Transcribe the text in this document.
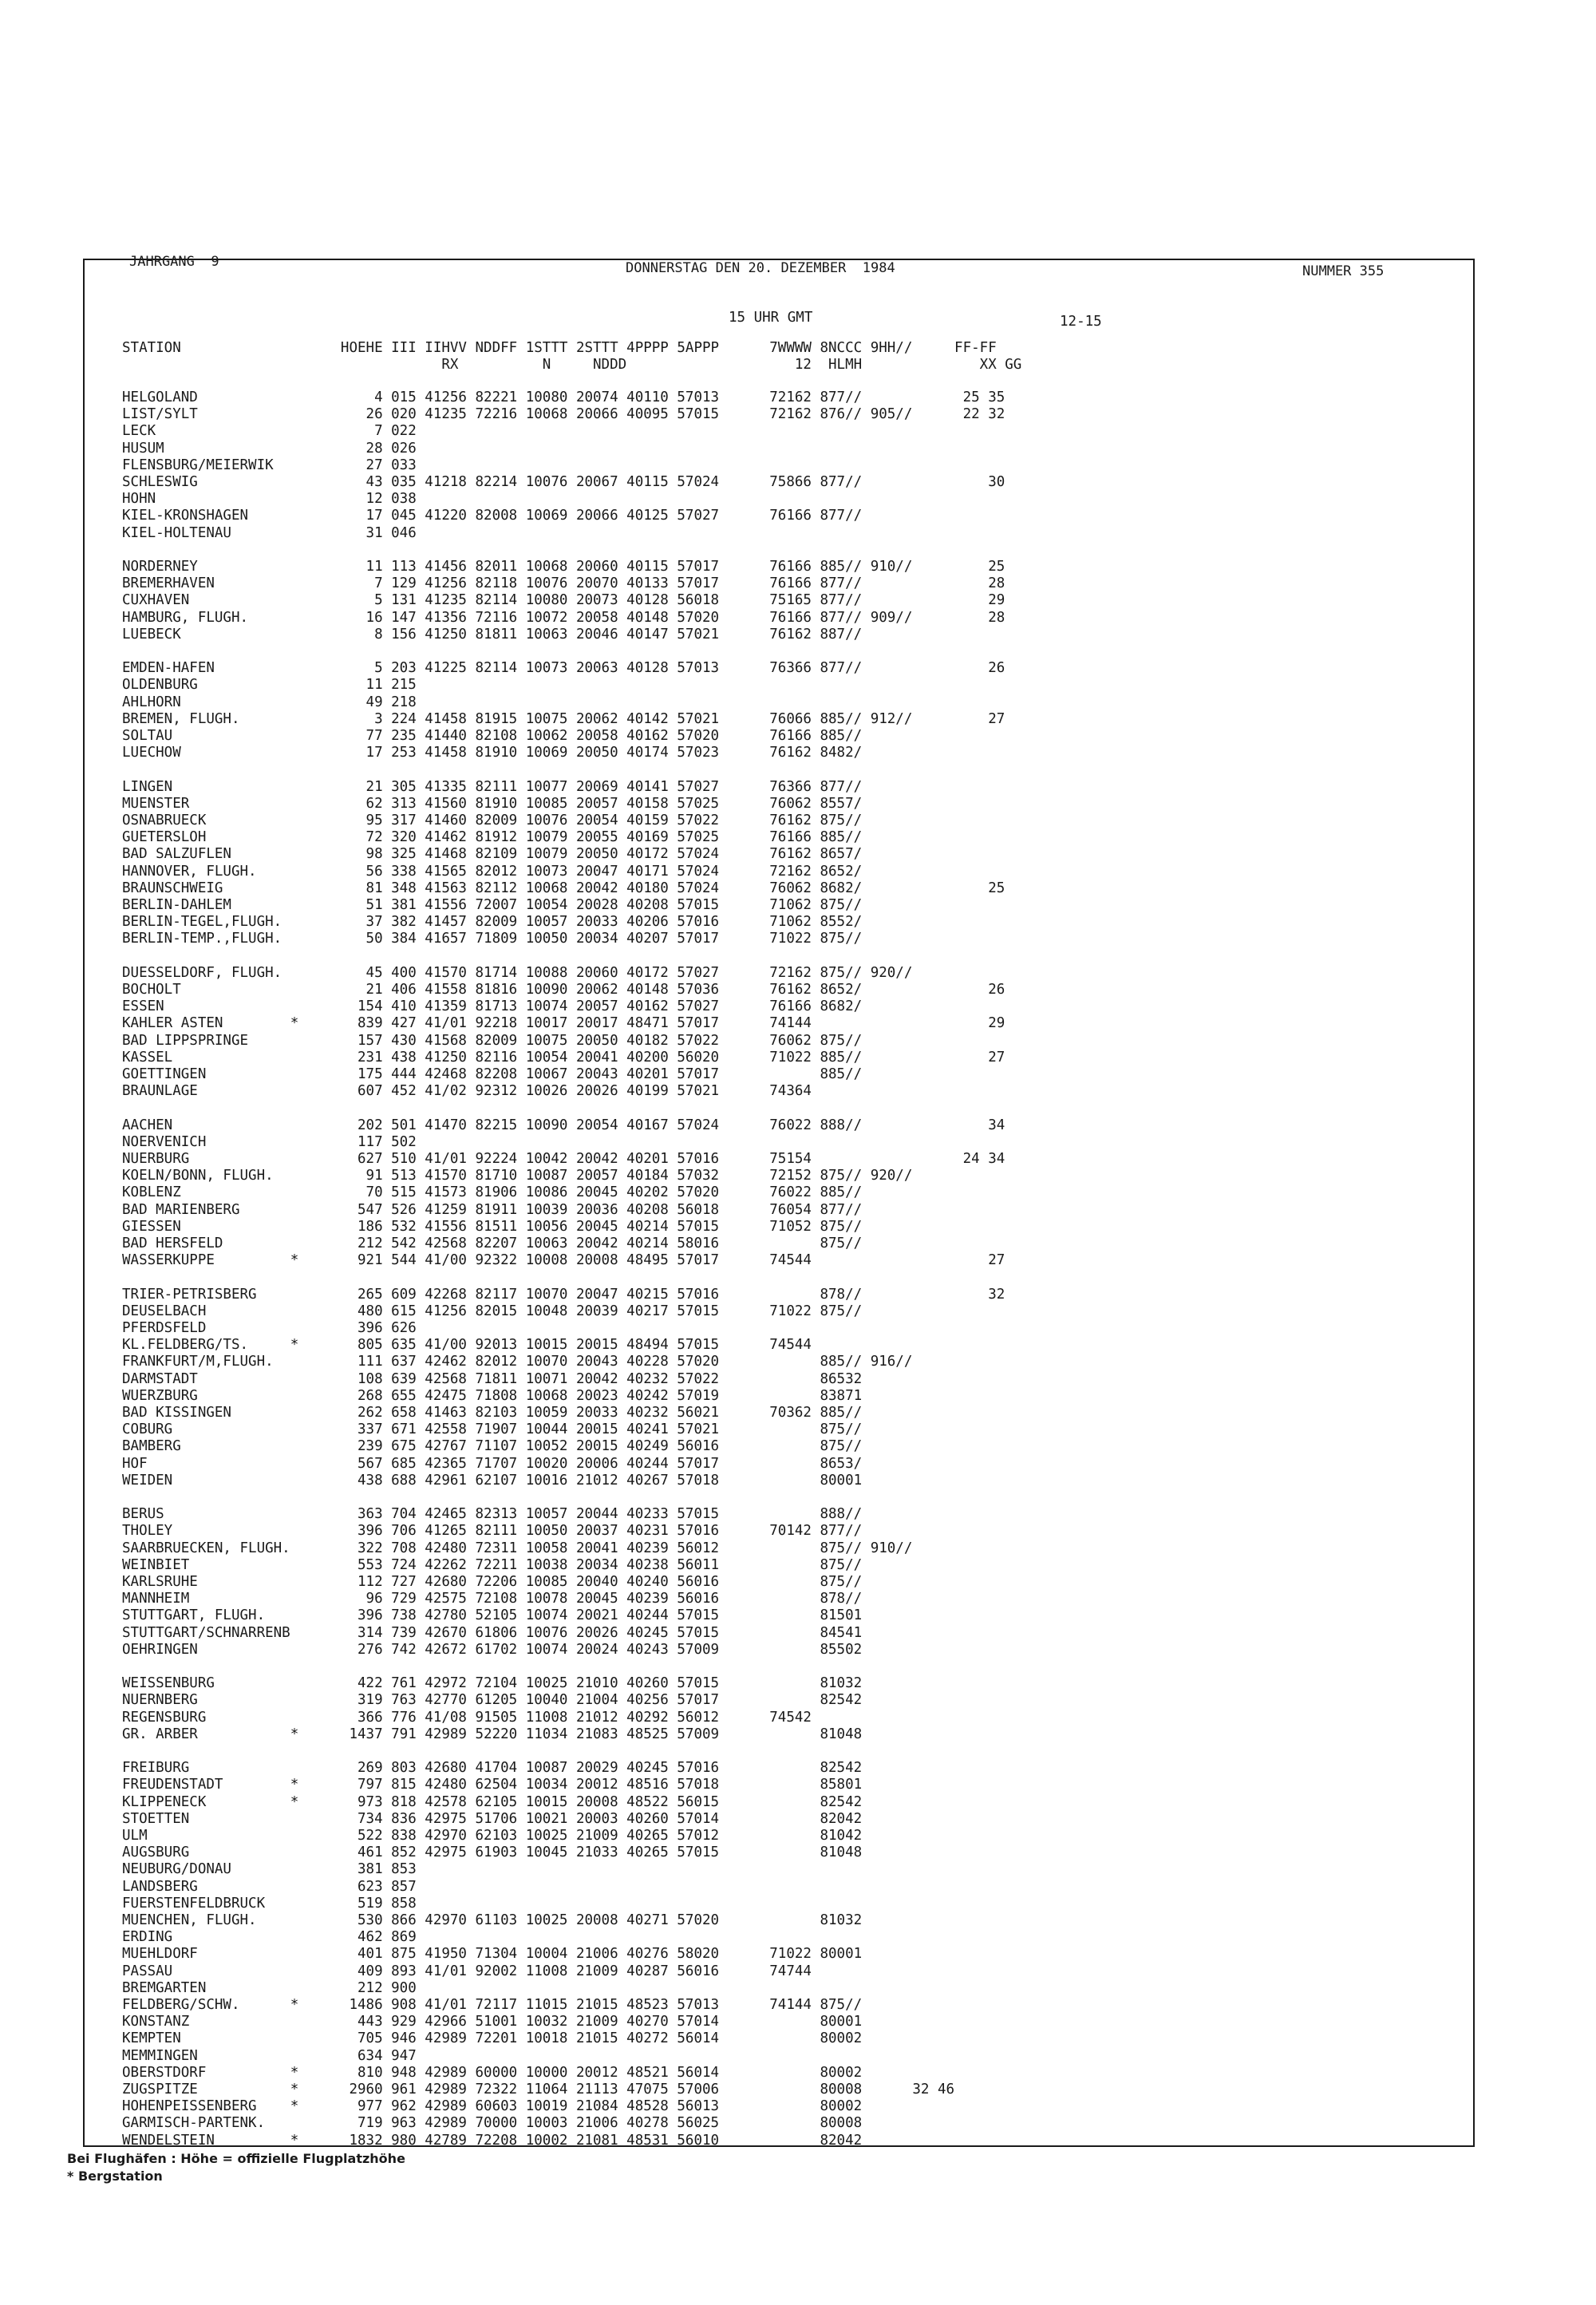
JAHRGANG  9	DONNERSTAG DEN 20. DEZEMBER  1984	NUMMER 355
15 UHR GMT	12-15
STATION                   HOEHE III IIHVV NDDFF 1STTT 2STTT 4PPPP 5APPP      7WWWW 8NCCC 9HH//     FF-FF
RX          N     NDDD                    12  HLMH              XX GG
HELGOLAND                     4 015 41256 82221 10080 20074 40110 57013      72162 877//            25 35
LIST/SYLT                    26 020 41235 72216 10068 20066 40095 57015      72162 876// 905//      22 32
LECK                          7 022
HUSUM                        28 026
FLENSBURG/MEIERWIK           27 033
SCHLESWIG                    43 035 41218 82214 10076 20067 40115 57024      75866 877//               30
HOHN                         12 038
KIEL-KRONSHAGEN              17 045 41220 82008 10069 20066 40125 57027      76166 877//
KIEL-HOLTENAU                31 046
NORDERNEY                    11 113 41456 82011 10068 20060 40115 57017      76166 885// 910//         25
BREMERHAVEN                   7 129 41256 82118 10076 20070 40133 57017      76166 877//               28
CUXHAVEN                      5 131 41235 82114 10080 20073 40128 56018      75165 877//               29
HAMBURG, FLUGH.              16 147 41356 72116 10072 20058 40148 57020      76166 877// 909//         28
LUEBECK                       8 156 41250 81811 10063 20046 40147 57021      76162 887//
EMDEN-HAFEN                   5 203 41225 82114 10073 20063 40128 57013      76366 877//               26
OLDENBURG                    11 215
AHLHORN                      49 218
BREMEN, FLUGH.                3 224 41458 81915 10075 20062 40142 57021      76066 885// 912//         27
SOLTAU                       77 235 41440 82108 10062 20058 40162 57020      76166 885//
LUECHOW                      17 253 41458 81910 10069 20050 40174 57023      76162 8482/
LINGEN                       21 305 41335 82111 10077 20069 40141 57027      76366 877//
MUENSTER                     62 313 41560 81910 10085 20057 40158 57025      76062 8557/
OSNABRUECK                   95 317 41460 82009 10076 20054 40159 57022      76162 875//
GUETERSLOH                   72 320 41462 81912 10079 20055 40169 57025      76166 885//
BAD SALZUFLEN                98 325 41468 82109 10079 20050 40172 57024      76162 8657/
HANNOVER, FLUGH.             56 338 41565 82012 10073 20047 40171 57024      72162 8652/
BRAUNSCHWEIG                 81 348 41563 82112 10068 20042 40180 57024      76062 8682/               25
BERLIN-DAHLEM                51 381 41556 72007 10054 20028 40208 57015      71062 875//
BERLIN-TEGEL,FLUGH.          37 382 41457 82009 10057 20033 40206 57016      71062 8552/
BERLIN-TEMP.,FLUGH.          50 384 41657 71809 10050 20034 40207 57017      71022 875//
DUESSELDORF, FLUGH.          45 400 41570 81714 10088 20060 40172 57027      72162 875// 920//
BOCHOLT                      21 406 41558 81816 10090 20062 40148 57036      76162 8652/               26
ESSEN                       154 410 41359 81713 10074 20057 40162 57027      76166 8682/
KAHLER ASTEN        *       839 427 41/01 92218 10017 20017 48471 57017      74144                     29
BAD LIPPSPRINGE             157 430 41568 82009 10075 20050 40182 57022      76062 875//
KASSEL                      231 438 41250 82116 10054 20041 40200 56020      71022 885//               27
GOETTINGEN                  175 444 42468 82208 10067 20043 40201 57017            885//
BRAUNLAGE                   607 452 41/02 92312 10026 20026 40199 57021      74364
AACHEN                      202 501 41470 82215 10090 20054 40167 57024      76022 888//               34
NOERVENICH                  117 502
NUERBURG                    627 510 41/01 92224 10042 20042 40201 57016      75154                  24 34
KOELN/BONN, FLUGH.           91 513 41570 81710 10087 20057 40184 57032      72152 875// 920//
KOBLENZ                      70 515 41573 81906 10086 20045 40202 57020      76022 885//
BAD MARIENBERG              547 526 41259 81911 10039 20036 40208 56018      76054 877//
GIESSEN                     186 532 41556 81511 10056 20045 40214 57015      71052 875//
BAD HERSFELD                212 542 42568 82207 10063 20042 40214 58016            875//
WASSERKUPPE         *       921 544 41/00 92322 10008 20008 48495 57017      74544                     27
TRIER-PETRISBERG            265 609 42268 82117 10070 20047 40215 57016            878//               32
DEUSELBACH                  480 615 41256 82015 10048 20039 40217 57015      71022 875//
PFERDSFELD                  396 626
KL.FELDBERG/TS.     *       805 635 41/00 92013 10015 20015 48494 57015      74544
FRANKFURT/M,FLUGH.          111 637 42462 82012 10070 20043 40228 57020            885// 916//
DARMSTADT                   108 639 42568 71811 10071 20042 40232 57022            86532
WUERZBURG                   268 655 42475 71808 10068 20023 40242 57019            83871
BAD KISSINGEN               262 658 41463 82103 10059 20033 40232 56021      70362 885//
COBURG                      337 671 42558 71907 10044 20015 40241 57021            875//
BAMBERG                     239 675 42767 71107 10052 20015 40249 56016            875//
HOF                         567 685 42365 71707 10020 20006 40244 57017            8653/
WEIDEN                      438 688 42961 62107 10016 21012 40267 57018            80001
BERUS                       363 704 42465 82313 10057 20044 40233 57015            888//
THOLEY                      396 706 41265 82111 10050 20037 40231 57016      70142 877//
SAARBRUECKEN, FLUGH.        322 708 42480 72311 10058 20041 40239 56012            875// 910//
WEINBIET                    553 724 42262 72211 10038 20034 40238 56011            875//
KARLSRUHE                   112 727 42680 72206 10085 20040 40240 56016            875//
MANNHEIM                     96 729 42575 72108 10078 20045 40239 56016            878//
STUTTGART, FLUGH.           396 738 42780 52105 10074 20021 40244 57015            81501
STUTTGART/SCHNARRENB        314 739 42670 61806 10076 20026 40245 57015            84541
OEHRINGEN                   276 742 42672 61702 10074 20024 40243 57009            85502
WEISSENBURG                 422 761 42972 72104 10025 21010 40260 57015            81032
NUERNBERG                   319 763 42770 61205 10040 21004 40256 57017            82542
REGENSBURG                  366 776 41/08 91505 11008 21012 40292 56012      74542
GR. ARBER           *      1437 791 42989 52220 11034 21083 48525 57009            81048
FREIBURG                    269 803 42680 41704 10087 20029 40245 57016            82542
FREUDENSTADT        *       797 815 42480 62504 10034 20012 48516 57018            85801
KLIPPENECK          *       973 818 42578 62105 10015 20008 48522 56015            82542
STOETTEN                    734 836 42975 51706 10021 20003 40260 57014            82042
ULM                         522 838 42970 62103 10025 21009 40265 57012            81042
AUGSBURG                    461 852 42975 61903 10045 21033 40265 57015            81048
NEUBURG/DONAU               381 853
LANDSBERG                   623 857
FUERSTENFELDBRUCK           519 858
MUENCHEN, FLUGH.            530 866 42970 61103 10025 20008 40271 57020            81032
ERDING                      462 869
MUEHLDORF                   401 875 41950 71304 10004 21006 40276 58020      71022 80001
PASSAU                      409 893 41/01 92002 11008 21009 40287 56016      74744
BREMGARTEN                  212 900
FELDBERG/SCHW.      *      1486 908 41/01 72117 11015 21015 48523 57013      74144 875//
KONSTANZ                    443 929 42966 51001 10032 21009 40270 57014            80001
KEMPTEN                     705 946 42989 72201 10018 21015 40272 56014            80002
MEMMINGEN                   634 947
OBERSTDORF          *       810 948 42989 60000 10000 20012 48521 56014            80002
ZUGSPITZE           *      2960 961 42989 72322 11064 21113 47075 57006            80008      32 46
HOHENPEISSENBERG    *       977 962 42989 60603 10019 21084 48528 56013            80002
GARMISCH-PARTENK.           719 963 42989 70000 10003 21006 40278 56025            80008
WENDELSTEIN         *      1832 980 42789 72208 10002 21081 48531 56010            82042
Bei Flughäfen : Höhe = offizielle Flugplatzhöhe
* Bergstation
